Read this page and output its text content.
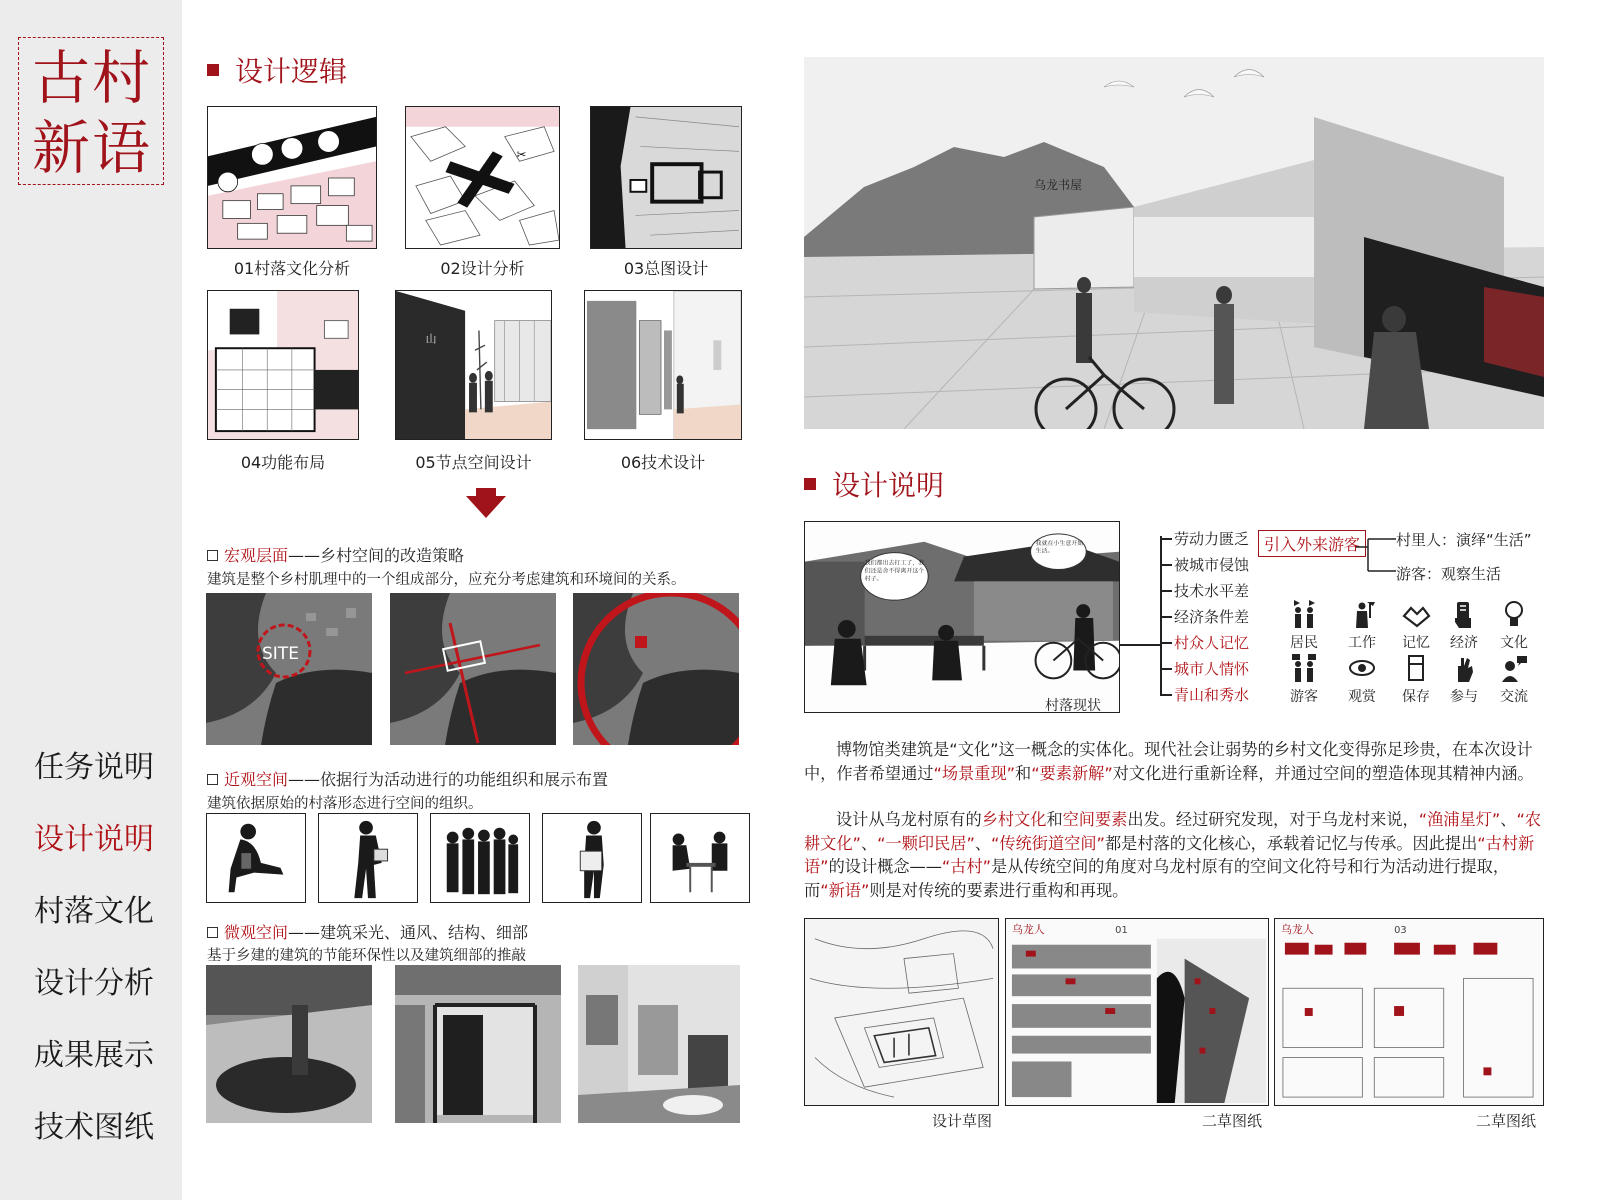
古村
新语
任务说明
设计说明
村落文化
设计分析
成果展示
技术图纸
设计逻辑
01村落文化分析
✂
02设计分析	03总图设计
04功能布局
山
05节点空间设计	06技术设计
宏观层面——乡村空间的改造策略
建筑是整个乡村肌理中的一个组成部分，应充分考虑建筑和环境间的关系。
SITE
近观空间——依据行为活动进行的功能组织和展示布置
建筑依据原始的村落形态进行空间的组织。
微观空间——建筑采光、通风、结构、细部
基于乡建的建筑的节能环保性以及建筑细部的推敲
乌龙书屋
设计说明
我们都出去打工了，我们还是舍不得离开这个村子。
我就在小生意开始生活。
村落现状
劳动力匮乏
被城市侵蚀
技术水平差
经济条件差
村众人记忆
城市人情怀
青山和秀水
引入外来游客	村里人：演绎“生活”
游客：观察生活
居民	工作	记忆	经济	文化
游客	观赏	保存	参与	交流

博物馆类建筑是“文化”这一概念的实体化。现代社会让弱势的乡村文化变得弥足珍贵，在本次设计中，作者希望通过“场景重现”和“要素新解”对文化进行重新诠释，并通过空间的塑造体现其精神内涵。

设计从乌龙村原有的乡村文化和空间要素出发。经过研究发现，对于乌龙村来说，“渔浦星灯”、“农耕文化”、“一颗印民居”、“传统街道空间”都是村落的文化核心，承载着记忆与传承。因此提出“古村新语”的设计概念——“古村”是从传统空间的角度对乌龙村原有的空间文化符号和行为活动进行提取，而“新语”则是对传统的要素进行重构和再现。

设计草图
乌龙人	01
二草图纸
乌龙人	03
二草图纸
